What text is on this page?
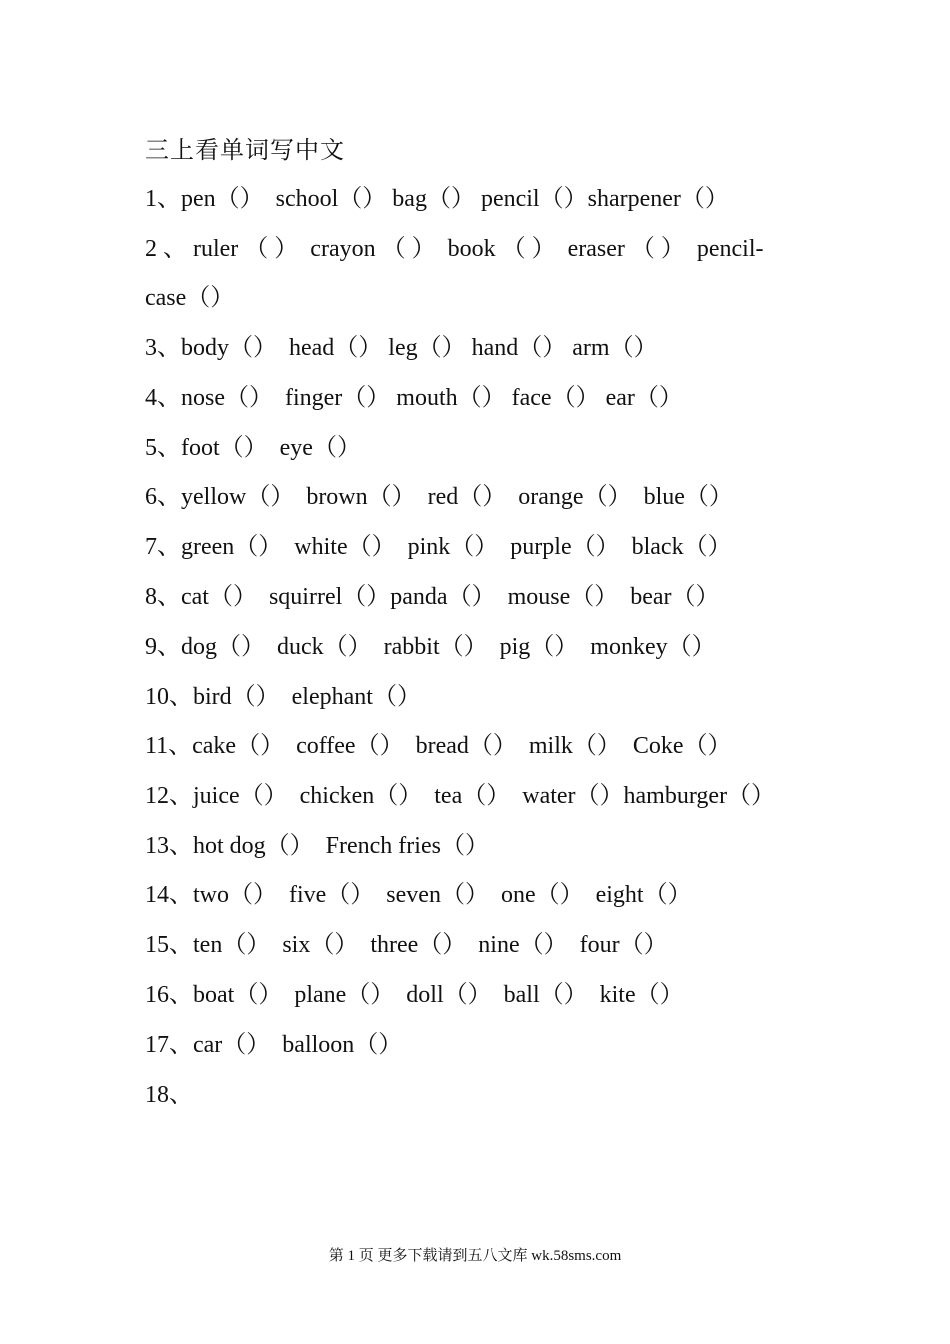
三上看单词写中文
1、pen（）  school（） bag（） pencil（）sharpener（）
2 、 ruler （ ）  crayon （ ）  book （ ）  eraser （ ）  pencil-
case（）
3、body（）  head（） leg（） hand（） arm（）
4、nose（）  finger（） mouth（） face（） ear（）
5、foot（）  eye（）
6、yellow（）  brown（）  red（）  orange（）  blue（）
7、green（）  white（）  pink（）  purple（）  black（）
8、cat（）  squirrel（）panda（）  mouse（）  bear（）
9、dog（）  duck（）  rabbit（）  pig（）  monkey（）
10、bird（）  elephant（）
11、cake（）  coffee（）  bread（）  milk（）  Coke（）
12、juice（）  chicken（）  tea（）  water（）hamburger（）
13、hot dog（）  French fries（）
14、two（）  five（）  seven（）  one（）  eight（）
15、ten（）  six（）  three（）  nine（）  four（）
16、boat（）  plane（）  doll（）  ball（）  kite（）
17、car（）  balloon（）
18、
第 1 页 更多下载请到五八文库 wk.58sms.com
